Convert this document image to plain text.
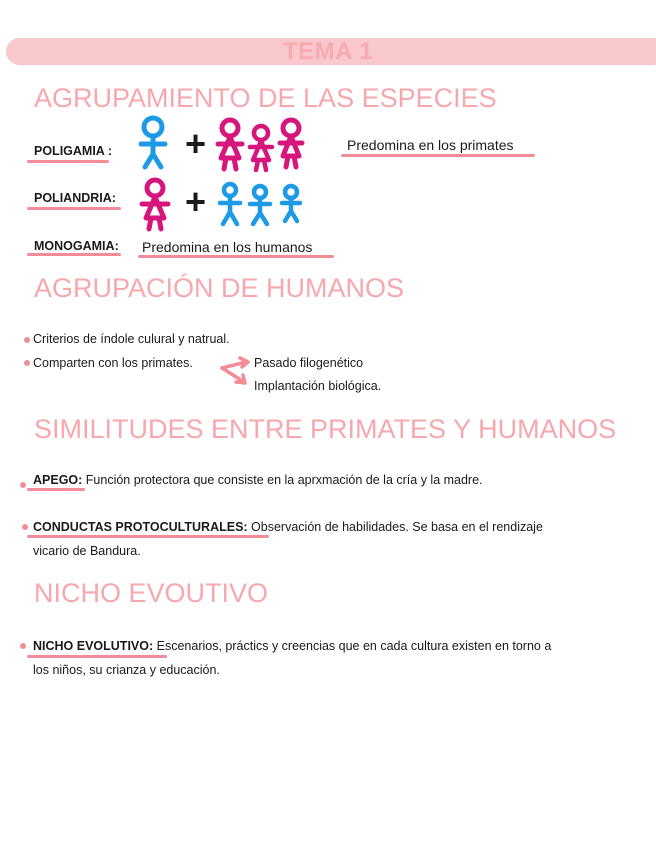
TEMA 1
AGRUPAMIENTO DE LAS ESPECIES
POLIGAMIA : +	Predomina en los primates
POLIANDRIA: +
MONOGAMIA: Predomina en los humanos
AGRUPACIÓN DE HUMANOS
Criterios de índole culural y natrual.
Comparten con los primates.	Pasado filogenético
Implantación biológica.
SIMILITUDES ENTRE PRIMATES Y HUMANOS
APEGO: Función protectora que consiste en la aprxmación de la cría y la madre.
CONDUCTAS PROTOCULTURALES: Observación de habilidades. Se basa en el rendizaje
vicario de Bandura.
NICHO EVOUTIVO
NICHO EVOLUTIVO: Escenarios, práctics y creencias que en cada cultura existen en torno a
los niños, su crianza y educación.
